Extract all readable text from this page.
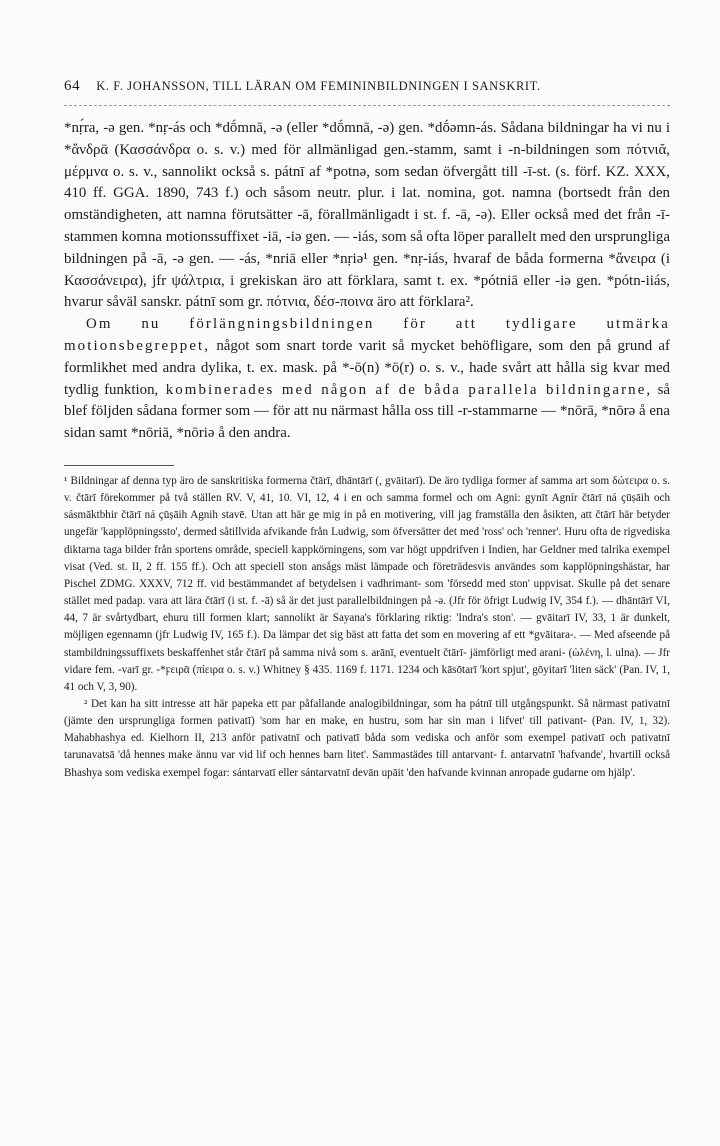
64 K. F. JOHANSSON, TILL LÄRAN OM FEMININBILDNINGEN I SANSKRIT.

*nṛ́ra, -ə gen. *nṛ-ás och *dṓmnā, -ə (eller *dṓmnā, -ə) gen. *dṓəmn-ás. Sådana bildningar ha vi nu i *ἄνδρᾱ (Κασσάνδρα o. s. v.) med för allmänligad gen.-stamm, samt i -n-bildningen som πότνιᾰ, μέρμνα o. s. v., sannolikt också s. pátnī af *potnə, som sedan öfvergått till -ī-st. (s. förf. KZ. XXX, 410 ff. GGA. 1890, 743 f.) och såsom neutr. plur. i lat. nomina, got. namna (bortsedt från den omständigheten, att namna förutsätter -ā, förallmänligadt i st. f. -ā, -ə). Eller också med det från -ī-stammen komna motionssuffixet -iā, -iə gen. — -iás, som så ofta löper parallelt med den ursprungliga bildningen på -ā, -ə gen. — -ás, *nriā eller *nṛiə¹ gen. *nṛ-iás, hvaraf de båda formerna *ἄνειρα (i Κασσάνειρα), jfr ψάλτρια, i grekiskan äro att förklara, samt t. ex. *pótniā eller -iə gen. *pótn-iiás, hvarur såväl sanskr. pátnī som gr. πότνια, δέσ-ποινα äro att förklara².

Om nu förlängningsbildningen för att tydligare utmärka motionsbegreppet, något som snart torde varit så mycket behöfligare, som den på grund af formlikhet med andra dylika, t. ex. mask. på *-ō(n) *ō(r) o. s. v., hade svårt att hålla sig kvar med tydlig funktion, kombinerades med någon af de båda parallela bildningarne, så blef följden sådana former som — för att nu närmast hålla oss till -r-stammarne — *nōrā, *nōrə å ena sidan samt *nōriā, *nōriə å den andra.

¹ Bildningar af denna typ äro de sanskritiska formerna čtārī, dhāntārī (, gvāitarī). De äro tydliga former af samma art som δώτειρα o. s. v. čtārī förekommer på två ställen RV. V, 41, 10. VI, 12, 4 i en och samma formel och om Agni: gynīt Agnír čtārī ná çūṣāih och sásmāktbhir čtārī ná çūṣāih Agnih stavē. Utan att här ge mig in på en motivering, vill jag framställa den åsikten, att čtārī här betyder ungefär 'kapplöpningssto', dermed såtillvida afvikande från Ludwig, som öfversätter det med 'ross' och 'renner'. Huru ofta de rigvediska diktarna taga bilder från sportens område, speciell kappkörningens, som var högt uppdrifven i Indien, har Geldner med talrika exempel visat (Ved. st. II, 2 ff. 155 ff.). Och att speciell ston ansågs mäst lämpade och företrädesvis användes som kapplöpningshästar, har Pischel ZDMG. XXXV, 712 ff. vid bestämmandet af betydelsen i vadhrimant- som 'försedd med ston' uppvisat. Skulle på det senare stället med padap. vara att lära čtārī (i st. f. -ā) så är det just parallelbildningen på -ə. (Jfr för öfrigt Ludwig IV, 354 f.). — dhāntārī VI, 44, 7 är svårtydbart, ehuru till formen klart; sannolikt är Sayana's förklaring riktig: 'Indra's ston'. — gvāitarī IV, 33, 1 är dunkelt, möjligen egennamn (jfr Ludwig IV, 165 f.). Da lämpar det sig bäst att fatta det som en movering af ett *gvāitara-. — Med afseende på stambildningssuffixets beskaffenhet står čtārī på samma nivå som s. arānī, eventuelt čtārī- jämförligt med arani- (ὠλένη, l. ulna). — Jfr vidare fem. -varī gr. -*ϝειρᾱ (πίειρα o. s. v.) Whitney § 435. 1169 f. 1171. 1234 och kāsōtarī 'kort spjut', gōyitarī 'liten säck' (Pan. IV, 1, 41 och V, 3, 90).

² Det kan ha sitt intresse att här papeka ett par påfallande analogibildningar, som ha pátnī till utgångspunkt. Så närmast pativatnī (jämte den ursprungliga formen pativatī) 'som har en make, en hustru, som har sin man i lifvet' till pativant- (Pan. IV, 1, 32). Mahabhashya ed. Kielhorn II, 213 anför pativatnī och pativatī båda som vediska och anför som exempel pativatī och pativatnī tarunavatsā 'då hennes make ännu var vid lif och hennes barn litet'. Sammastädes till antarvant- f. antarvatnī 'hafvande', hvartill också Bhashya som vediska exempel fogar: sántarvatī eller sántarvatnī devān upāit 'den hafvande kvinnan anropade gudarne om hjälp'.
